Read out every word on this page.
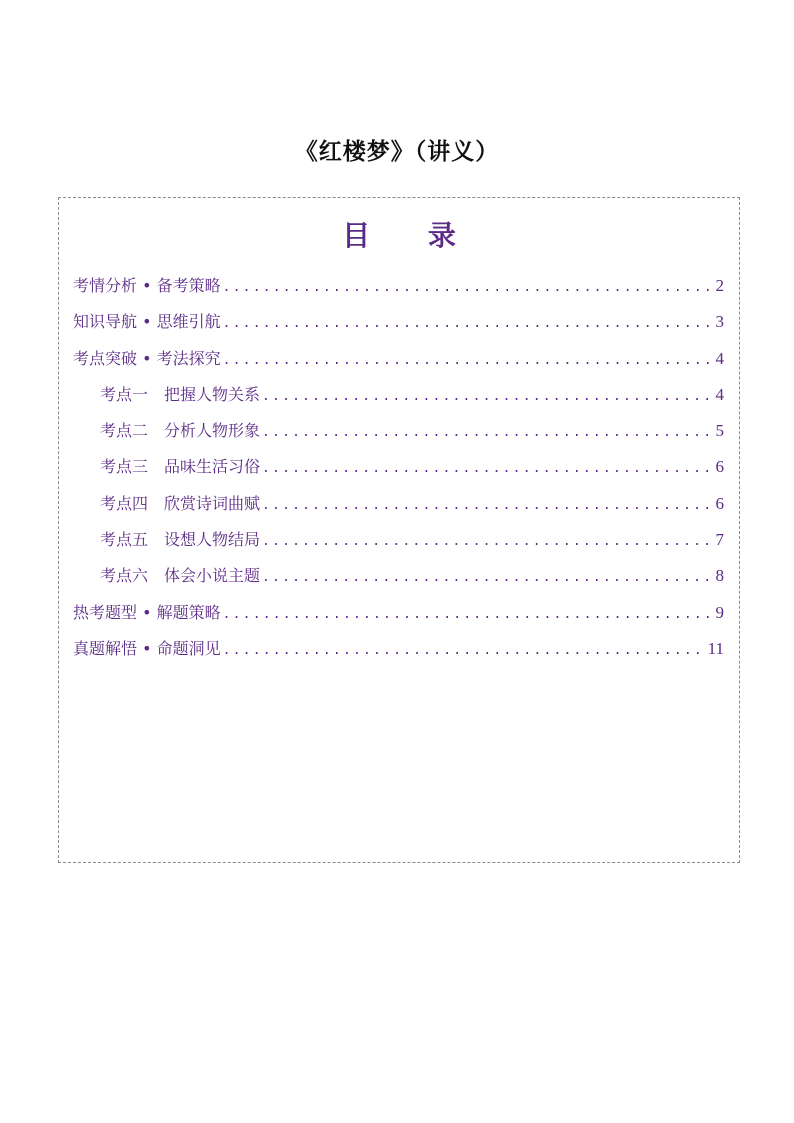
《红楼梦》（讲义）
目 录
考情分析 • 备考策略 .....	2
知识导航 • 思维引航 .....	3
考点突破 • 考法探究 .....	4
考点一　把握人物关系 .....	4
考点二　分析人物形象 .....	5
考点三　品味生活习俗 .....	6
考点四　欣赏诗词曲赋 .....	6
考点五　设想人物结局 .....	7
考点六　体会小说主题 .....	8
热考题型 • 解题策略 .....	9
真题解悟 • 命题洞见 .....	11
